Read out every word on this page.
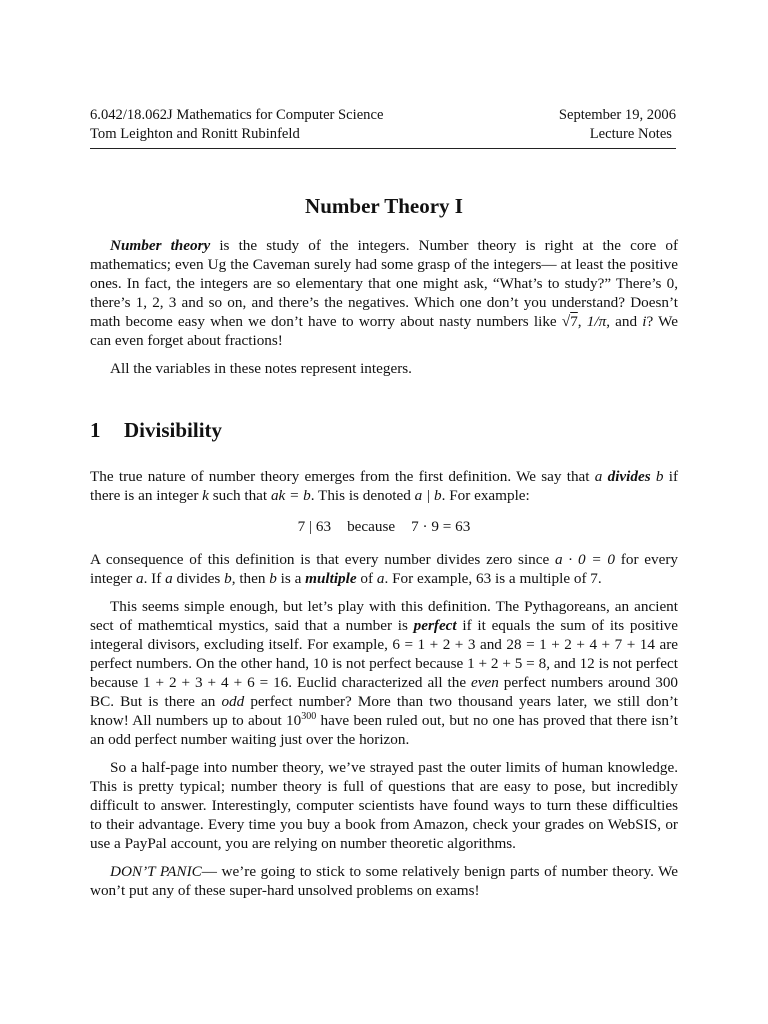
6.042/18.062J Mathematics for Computer Science	September 19, 2006
Tom Leighton and Ronitt Rubinfeld	Lecture Notes
Number Theory I

Number theory is the study of the integers. Number theory is right at the core of mathematics; even Ug the Caveman surely had some grasp of the integers— at least the positive ones. In fact, the integers are so elementary that one might ask, “What’s to study?” There’s 0, there’s 1, 2, 3 and so on, and there’s the negatives. Which one don’t you understand? Doesn’t math become easy when we don’t have to worry about nasty numbers like √7, 1/π, and i? We can even forget about fractions!

All the variables in these notes represent integers.

1 Divisibility

The true nature of number theory emerges from the first definition. We say that a divides b if there is an integer k such that ak = b. This is denoted a | b. For example:

7 | 63 because 7 · 9 = 63

A consequence of this definition is that every number divides zero since a · 0 = 0 for every integer a. If a divides b, then b is a multiple of a. For example, 63 is a multiple of 7.

This seems simple enough, but let’s play with this definition. The Pythagoreans, an ancient sect of mathemtical mystics, said that a number is perfect if it equals the sum of its positive integeral divisors, excluding itself. For example, 6 = 1 + 2 + 3 and 28 = 1 + 2 + 4 + 7 + 14 are perfect numbers. On the other hand, 10 is not perfect because 1 + 2 + 5 = 8, and 12 is not perfect because 1 + 2 + 3 + 4 + 6 = 16. Euclid characterized all the even perfect numbers around 300 BC. But is there an odd perfect number? More than two thousand years later, we still don’t know! All numbers up to about $10^{300}$ have been ruled out, but no one has proved that there isn’t an odd perfect number waiting just over the horizon.

So a half-page into number theory, we’ve strayed past the outer limits of human knowledge. This is pretty typical; number theory is full of questions that are easy to pose, but incredibly difficult to answer. Interestingly, computer scientists have found ways to turn these difficulties to their advantage. Every time you buy a book from Amazon, check your grades on WebSIS, or use a PayPal account, you are relying on number theoretic algorithms.

DON’T PANIC— we’re going to stick to some relatively benign parts of number theory. We won’t put any of these super-hard unsolved problems on exams!
